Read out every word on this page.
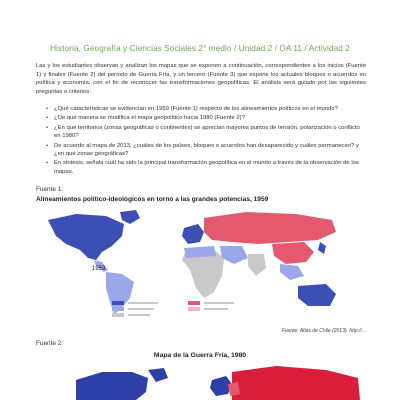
Historia, Geografía y Ciencias Sociales 2° medio / Unidad 2 / OA 11 / Actividad 2
Las y los estudiantes observan y analizan los mapas que se exponen a continuación, correspondientes a los inicios (Fuente 1) y finales (Fuente 2) del período de Guerra Fría, y un tercero (Fuente 3) que expone los actuales bloques o acuerdos en política y economía, con el fin de reconocer las transformaciones geopolíticas. El análisis será guiado por las siguientes preguntas o criterios:
• ¿Qué características se evidencian en 1959 (Fuente 1) respecto de los alineamientos políticos en el mundo?
• ¿De qué manera se modifica el mapa geopolítico hacia 1980 (Fuente 2)?
• ¿En qué territorios (zonas geográficas o continentes) se aprecian mayores puntos de tensión, polarización o conflicto en 1980?
• De acuerdo al mapa de 2013, ¿cuáles de los países, bloques o acuerdos han desaparecido y cuáles permanecen? y ¿en qué zonas geográficas?
• En síntesis, señala cuál ha sido la principal transformación geopolítica en el mundo a través de la observación de los mapas.
Fuente 1:
Alineamientos político-ideológicos en torno a las grandes potencias, 1959
1959
Fuente: Atlas de Chile (2013). http://...
Fuente 2:
Mapa de la Guerra Fría, 1980
